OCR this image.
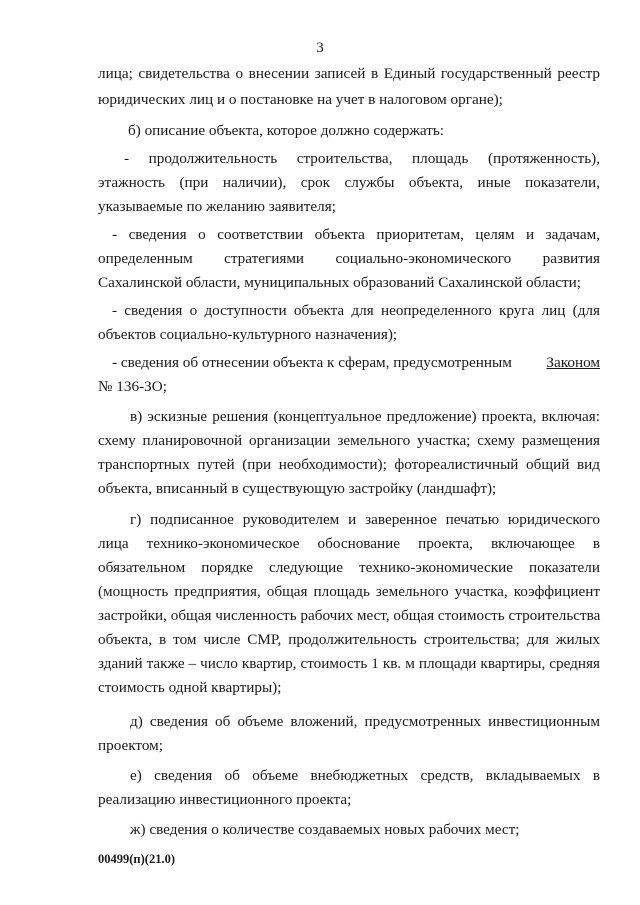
3
лица; свидетельства о внесении записей в Единый государственный реестр
юридических лиц и о постановке на учет в налоговом органе);
б) описание объекта, которое должно содержать:
- продолжительность строительства, площадь (протяженность),
этажность (при наличии), срок службы объекта, иные показатели,
указываемые по желанию заявителя;
- сведения о соответствии объекта приоритетам, целям и задачам,
определенным стратегиями социально-экономического развития
Сахалинской области, муниципальных образований Сахалинской области;
- сведения о доступности объекта для неопределенного круга лиц (для
объектов социально-культурного назначения);
- сведения об отнесении объекта к сферам, предусмотренным Законом
№ 136-ЗО;
в) эскизные решения (концептуальное предложение) проекта, включая:
схему планировочной организации земельного участка; схему размещения
транспортных путей (при необходимости); фотореалистичный общий вид
объекта, вписанный в существующую застройку (ландшафт);
г) подписанное руководителем и заверенное печатью юридического
лица технико-экономическое обоснование проекта, включающее в
обязательном порядке следующие технико-экономические показатели
(мощность предприятия, общая площадь земельного участка, коэффициент
застройки, общая численность рабочих мест, общая стоимость строительства
объекта, в том числе СМР, продолжительность строительства; для жилых
зданий также – число квартир, стоимость 1 кв. м площади квартиры, средняя
стоимость одной квартиры);
д) сведения об объеме вложений, предусмотренных инвестиционным
проектом;
е) сведения об объеме внебюджетных средств, вкладываемых в
реализацию инвестиционного проекта;
ж) сведения о количестве создаваемых новых рабочих мест;
00499(п)(21.0)
